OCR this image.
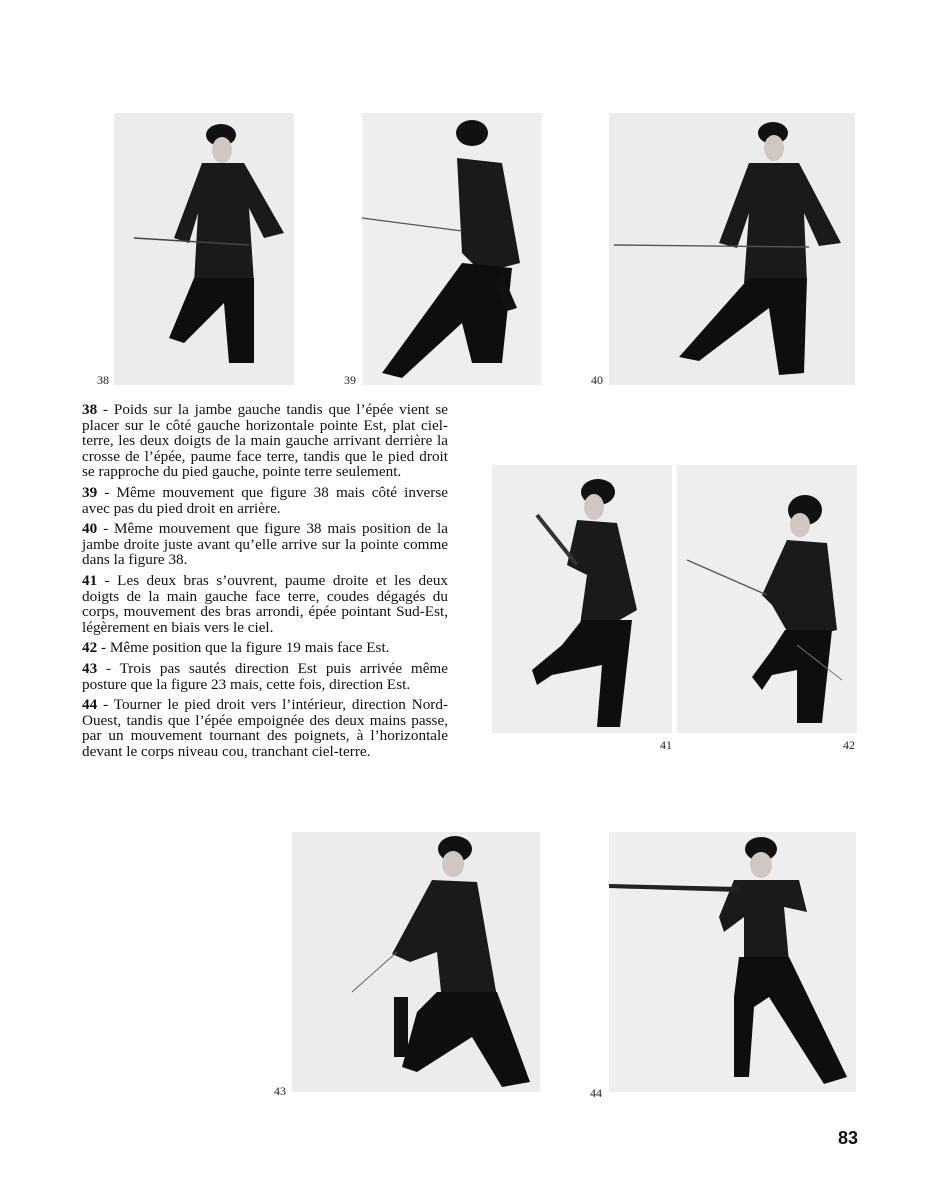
38	39	40

38 - Poids sur la jambe gauche tandis que l’épée vient se placer sur le côté gauche horizontale pointe Est, plat ciel-terre, les deux doigts de la main gauche arrivant derrière la crosse de l’épée, paume face terre, tandis que le pied droit se rapproche du pied gauche, pointe terre seulement.

39 - Même mouvement que figure 38 mais côté inverse avec pas du pied droit en arrière.

40 - Même mouvement que figure 38 mais position de la jambe droite juste avant qu’elle arrive sur la pointe comme dans la figure 38.

41 - Les deux bras s’ouvrent, paume droite et les deux doigts de la main gauche face terre, coudes dégagés du corps, mouvement des bras arrondi, épée pointant Sud-Est, légèrement en biais vers le ciel.

42 - Même position que la figure 19 mais face Est.

43 - Trois pas sautés direction Est puis arrivée même posture que la figure 23 mais, cette fois, direction Est.

44 - Tourner le pied droit vers l’intérieur, direction Nord-Ouest, tandis que l’épée empoignée des deux mains passe, par un mouvement tournant des poignets, à l’horizontale devant le corps niveau cou, tranchant ciel-terre.	41	42
43	44
83
